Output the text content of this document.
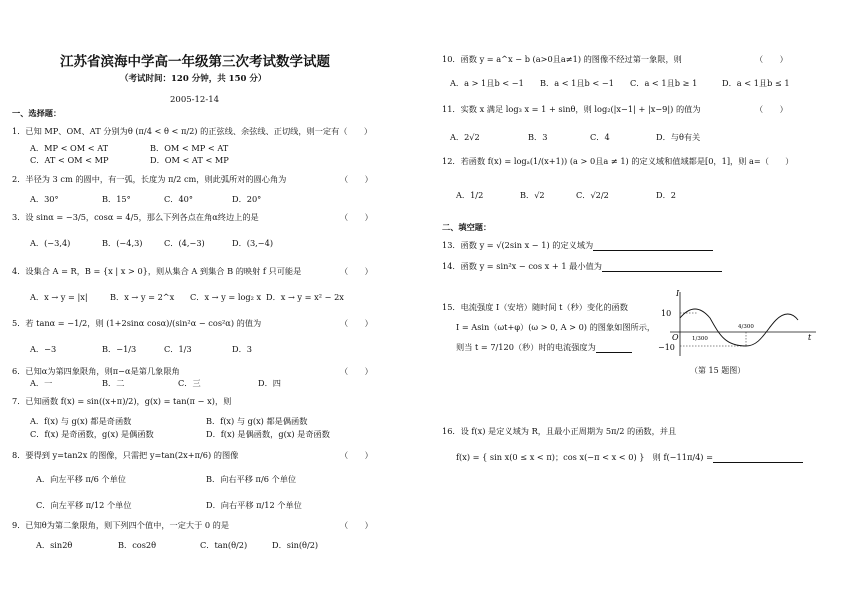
江苏省滨海中学高一年级第三次考试数学试题
（考试时间：120 分钟，共 150 分）
2005-12-14
一、选择题：
1．已知 MP、OM、AT 分别为θ (π/4 < θ < π/2) 的正弦线、余弦线、正切线，则一定有（　　）
A．MP < OM < AT	B．OM < MP < AT
C．AT < OM < MP	D．OM < AT < MP
2．半径为 3 cm 的圆中，有一弧，长度为 π/2 cm，则此弧所对的圆心角为	（　　）
A．30°	B．15°	C．40°	D．20°
3．设 sinα = −3/5，cosα = 4/5，那么下列各点在角α终边上的是	（　　）
A．(−3,4)	B．(−4,3)	C．(4,−3)	D．(3,−4)
4．设集合 A = R，B = {x | x > 0}，则从集合 A 到集合 B 的映射 f 只可能是	（　　）
A．x → y = |x|	B．x → y = 2^x C．x → y = log₂ x D．x → y = x² − 2x
5．若 tanα = −1/2，则 (1+2sinα cosα)/(sin²α − cos²α) 的值为	（　　）
A．−3	B．−1/3	C．1/3	D．3
6．已知α为第四象限角，则π−α是第几象限角	（　　）
A．一	B．二	C．三	D．四
7．已知函数 f(x) = sin((x+π)/2)，g(x) = tan(π − x)，则
A．f(x) 与 g(x) 都是奇函数	B．f(x) 与 g(x) 都是偶函数
C．f(x) 是奇函数，g(x) 是偶函数	D．f(x) 是偶函数，g(x) 是奇函数
8．要得到 y=tan2x 的图像，只需把 y=tan(2x+π/6) 的图像	（　　）
A．向左平移 π/6 个单位	B．向右平移 π/6 个单位
C．向左平移 π/12 个单位	D．向右平移 π/12 个单位
9．已知θ为第二象限角，则下列四个值中，一定大于 0 的是	（　　）
A．sin2θ	B．cos2θ	C．tan(θ/2)	D．sin(θ/2)
10．函数 y = a^x − b (a>0且a≠1) 的图像不经过第一象限，则	（　　）
A．a > 1且b < −1 B．a < 1且b < −1 C．a < 1且b ≥ 1	D．a < 1且b ≤ 1
11．实数 x 满足 log₃ x = 1 + sinθ，则 log₂(|x−1| + |x−9|) 的值为	（　　）
A．2√2	B．3	C．4	D．与θ有关
12．若函数 f(x) = logₐ(1/(x+1)) (a > 0且a ≠ 1) 的定义域和值域都是[0，1]，则 a=（　　）
A．1/2	B．√2	C．√2/2	D．2
二、填空题：
13．函数 y = √(2sin x − 1) 的定义域为
14．函数 y = sin²x − cos x + 1 最小值为
15．电流强度 I（安培）随时间 t（秒）变化的函数
I = Asin（ωt+φ）(ω > 0, A > 0) 的图象如图所示，
则当 t = 7/120（秒）时的电流强度为
I
t
10
−10
O 1/300
4/300
（第 15 题图）
16．设 f(x) 是定义域为 R，且最小正周期为 5π/2 的函数，并且
f(x) = { sin x(0 ≤ x < π)；cos x(−π < x < 0) }　则 f(−11π/4) =
